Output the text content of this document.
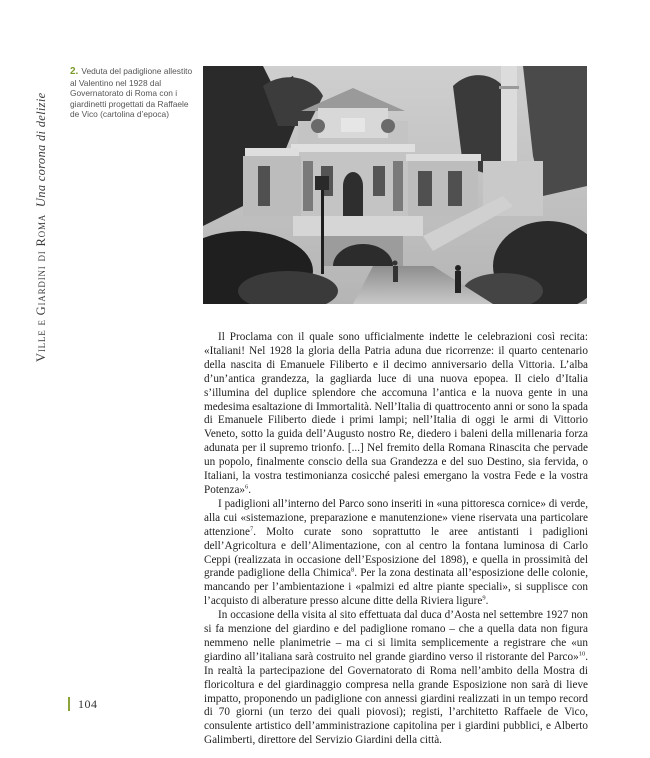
Ville e Giardini di Roma  Una corona di delizie
2. Veduta del padiglione allestito al Valentino nel 1928 dal Governatorato di Roma con i giardinetti progettati da Raffaele de Vico (cartolina d’epoca)

Il Proclama con il quale sono ufficialmente indette le celebrazioni così recita: «Italiani! Nel 1928 la gloria della Patria aduna due ricorrenze: il quarto centenario della nascita di Emanuele Filiberto e il decimo anniversario della Vittoria. L’alba d’un’antica grandezza, la gagliarda luce di una nuova epopea. Il cielo d’Italia s’illumina del duplice splendore che accomuna l’antica e la nuova gente in una medesima esaltazione di Immortalità. Nell’Italia di quattrocento anni or sono la spada di Emanuele Filiberto diede i primi lampi; nell’Italia di oggi le armi di Vittorio Veneto, sotto la guida dell’Augusto nostro Re, diedero i baleni della millenaria forza adunata per il supremo trionfo. [...] Nel fremito della Romana Rinascita che pervade un popolo, finalmente conscio della sua Grandezza e del suo Destino, sia fervida, o Italiani, la vostra testimonianza cosicché palesi emergano la vostra Fede e la vostra Potenza»$^6$.

I padiglioni all’interno del Parco sono inseriti in «una pittoresca cornice» di verde, alla cui «sistemazione, preparazione e manutenzione» viene riservata una particolare attenzione$^7$. Molto curate sono soprattutto le aree antistanti i padiglioni dell’Agricoltura e dell’Alimentazione, con al centro la fontana luminosa di Carlo Ceppi (realizzata in occasione dell’Esposizione del 1898), e quella in prossimità del grande padiglione della Chimica$^8$. Per la zona destinata all’esposizione delle colonie, mancando per l’ambientazione i «palmizi ed altre piante speciali», si supplisce con l’acquisto di alberature presso alcune ditte della Riviera ligure$^9$.

In occasione della visita al sito effettuata dal duca d’Aosta nel settembre 1927 non si fa menzione del giardino e del padiglione romano – che a quella data non figura nemmeno nelle planimetrie – ma ci si limita semplicemente a registrare che «un giardino all’italiana sarà costruito nel grande giardino verso il ristorante del Parco»$^{10}$. In realtà la partecipazione del Governatorato di Roma nell’ambito della Mostra di floricoltura e del giardinaggio compresa nella grande Esposizione non sarà di lieve impatto, proponendo un padiglione con annessi giardini realizzati in un tempo record di 70 giorni (un terzo dei quali piovosi); registi, l’architetto Raffaele de Vico, consulente artistico dell’amministrazione capitolina per i giardini pubblici, e Alberto Galimberti, direttore del Servizio Giardini della città.

104
